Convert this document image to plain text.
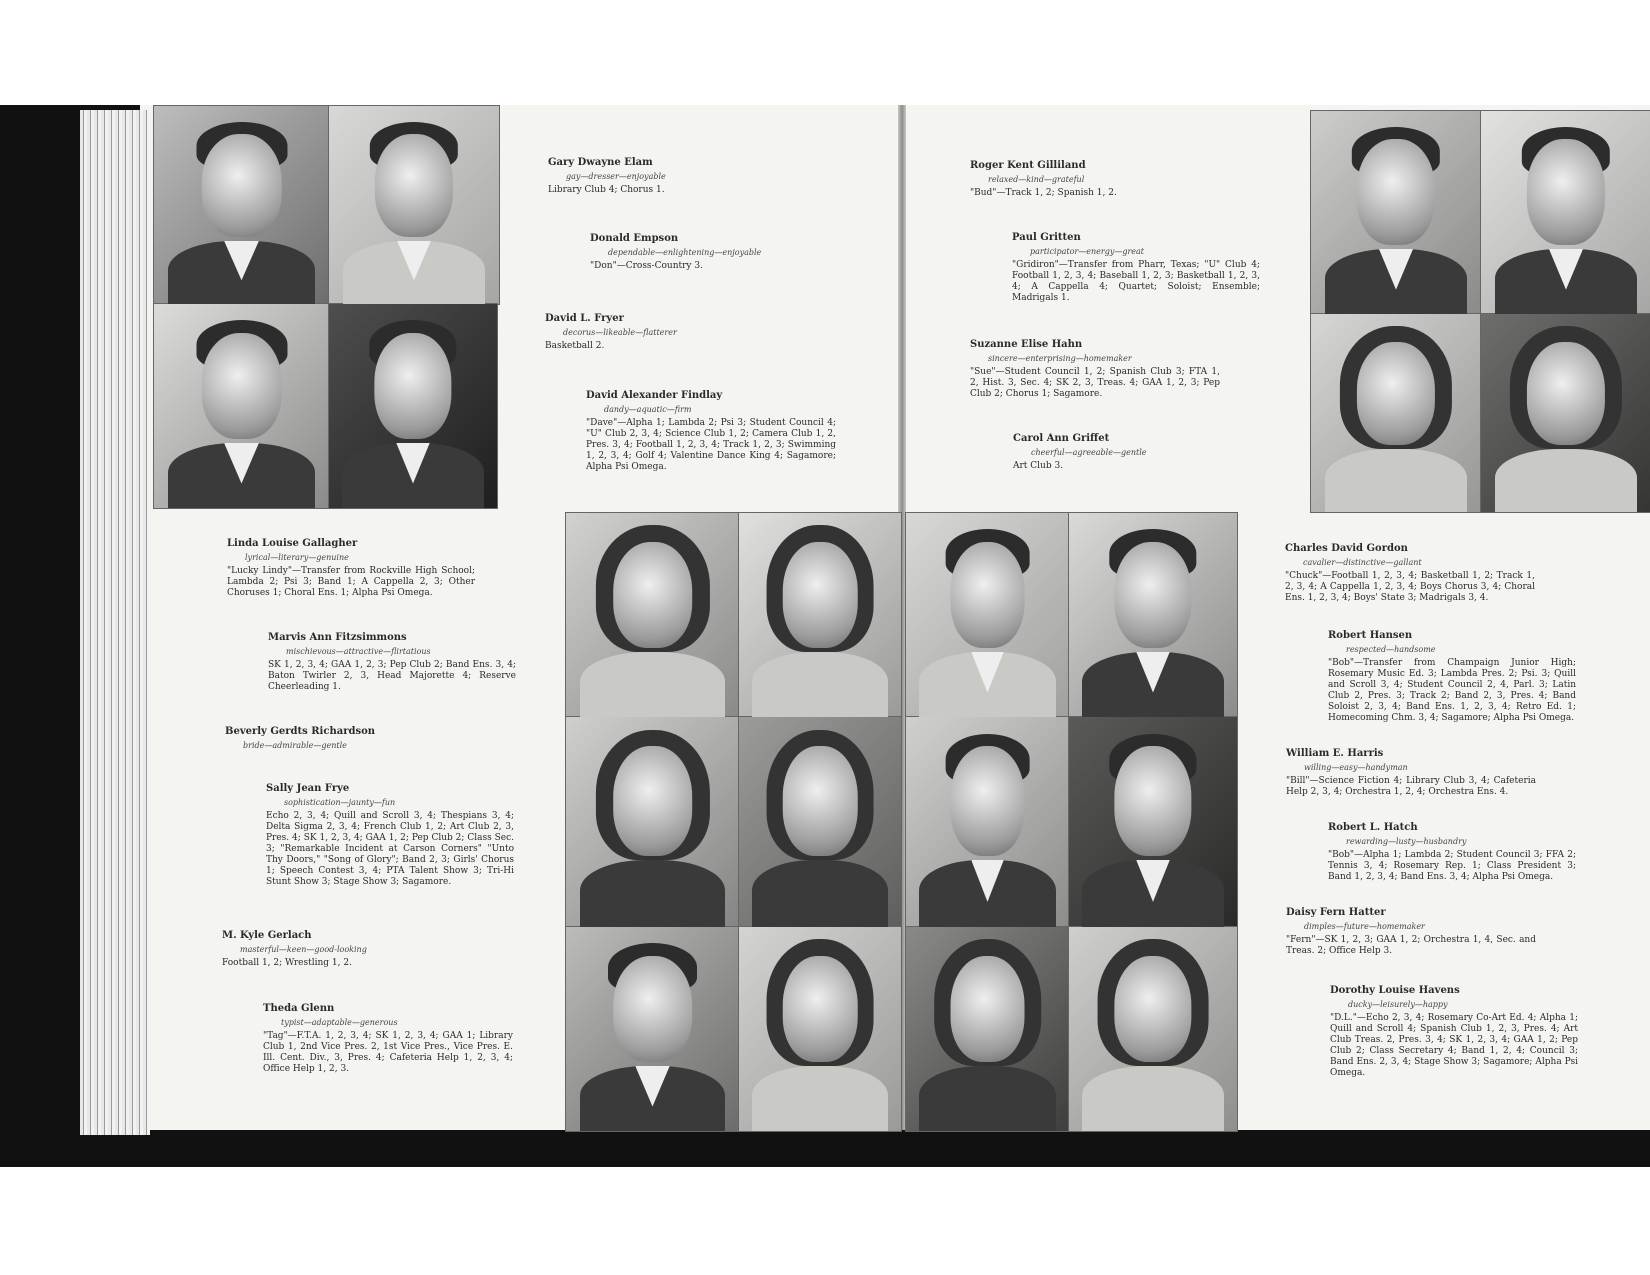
Gary Dwayne Elam
gay—dresser—enjoyable
Library Club 4; Chorus 1.
Donald Empson
dependable—enlightening—enjoyable
"Don"—Cross-Country 3.
David L. Fryer
decorus—likeable—flatterer
Basketball 2.
David Alexander Findlay
dandy—aquatic—firm
"Dave"—Alpha 1; Lambda 2; Psi 3; Student Council 4; "U" Club 2, 3, 4; Science Club 1, 2; Camera Club 1, 2, Pres. 3, 4; Football 1, 2, 3, 4; Track 1, 2, 3; Swimming 1, 2, 3, 4; Golf 4; Valentine Dance King 4; Sagamore; Alpha Psi Omega.
Linda Louise Gallagher
lyrical—literary—genuine
"Lucky Lindy"—Transfer from Rockville High School; Lambda 2; Psi 3; Band 1; A Cappella 2, 3; Other Choruses 1; Choral Ens. 1; Alpha Psi Omega.
Marvis Ann Fitzsimmons
mischievous—attractive—flirtatious
SK 1, 2, 3, 4; GAA 1, 2, 3; Pep Club 2; Band Ens. 3, 4; Baton Twirler 2, 3, Head Majorette 4; Reserve Cheerleading 1.
Beverly Gerdts Richardson
bride—admirable—gentle
Sally Jean Frye
sophistication—jaunty—fun
Echo 2, 3, 4; Quill and Scroll 3, 4; Thespians 3, 4; Delta Sigma 2, 3, 4; French Club 1, 2; Art Club 2, 3, Pres. 4; SK 1, 2, 3, 4; GAA 1, 2; Pep Club 2; Class Sec. 3; "Remarkable Incident at Carson Corners" "Unto Thy Doors," "Song of Glory"; Band 2, 3; Girls' Chorus 1; Speech Contest 3, 4; PTA Talent Show 3; Tri-Hi Stunt Show 3; Stage Show 3; Sagamore.
M. Kyle Gerlach
masterful—keen—good-looking
Football 1, 2; Wrestling 1, 2.
Theda Glenn
typist—adaptable—generous
"Tag"—F.T.A. 1, 2, 3, 4; SK 1, 2, 3, 4; GAA 1; Library Club 1, 2nd Vice Pres. 2, 1st Vice Pres., Vice Pres. E. Ill. Cent. Div., 3, Pres. 4; Cafeteria Help 1, 2, 3, 4; Office Help 1, 2, 3.
Roger Kent Gilliland
relaxed—kind—grateful
"Bud"—Track 1, 2; Spanish 1, 2.
Paul Gritten
participator—energy—great
"Gridiron"—Transfer from Pharr, Texas; "U" Club 4; Football 1, 2, 3, 4; Baseball 1, 2, 3; Basketball 1, 2, 3, 4; A Cappella 4; Quartet; Soloist; Ensemble; Madrigals 1.
Suzanne Elise Hahn
sincere—enterprising—homemaker
"Sue"—Student Council 1, 2; Spanish Club 3; FTA 1, 2, Hist. 3, Sec. 4; SK 2, 3, Treas. 4; GAA 1, 2, 3; Pep Club 2; Chorus 1; Sagamore.
Carol Ann Griffet
cheerful—agreeable—gentle
Art Club 3.
Charles David Gordon
cavalier—distinctive—gallant
"Chuck"—Football 1, 2, 3, 4; Basketball 1, 2; Track 1, 2, 3, 4; A Cappella 1, 2, 3, 4; Boys Chorus 3, 4; Choral Ens. 1, 2, 3, 4; Boys' State 3; Madrigals 3, 4.
Robert Hansen
respected—handsome
"Bob"—Transfer from Champaign Junior High; Rosemary Music Ed. 3; Lambda Pres. 2; Psi. 3; Quill and Scroll 3, 4; Student Council 2, 4, Parl. 3; Latin Club 2, Pres. 3; Track 2; Band 2, 3, Pres. 4; Band Soloist 2, 3, 4; Band Ens. 1, 2, 3, 4; Retro Ed. 1; Homecoming Chm. 3, 4; Sagamore; Alpha Psi Omega.
William E. Harris
willing—easy—handyman
"Bill"—Science Fiction 4; Library Club 3, 4; Cafeteria Help 2, 3, 4; Orchestra 1, 2, 4; Orchestra Ens. 4.
Robert L. Hatch
rewarding—lusty—husbandry
"Bob"—Alpha 1; Lambda 2; Student Council 3; FFA 2; Tennis 3, 4; Rosemary Rep. 1; Class President 3; Band 1, 2, 3, 4; Band Ens. 3, 4; Alpha Psi Omega.
Daisy Fern Hatter
dimples—future—homemaker
"Fern"—SK 1, 2, 3; GAA 1, 2; Orchestra 1, 4, Sec. and Treas. 2; Office Help 3.
Dorothy Louise Havens
ducky—leisurely—happy
"D.L."—Echo 2, 3, 4; Rosemary Co-Art Ed. 4; Alpha 1; Quill and Scroll 4; Spanish Club 1, 2, 3, Pres. 4; Art Club Treas. 2, Pres. 3, 4; SK 1, 2, 3, 4; GAA 1, 2; Pep Club 2; Class Secretary 4; Band 1, 2, 4; Council 3; Band Ens. 2, 3, 4; Stage Show 3; Sagamore; Alpha Psi Omega.
